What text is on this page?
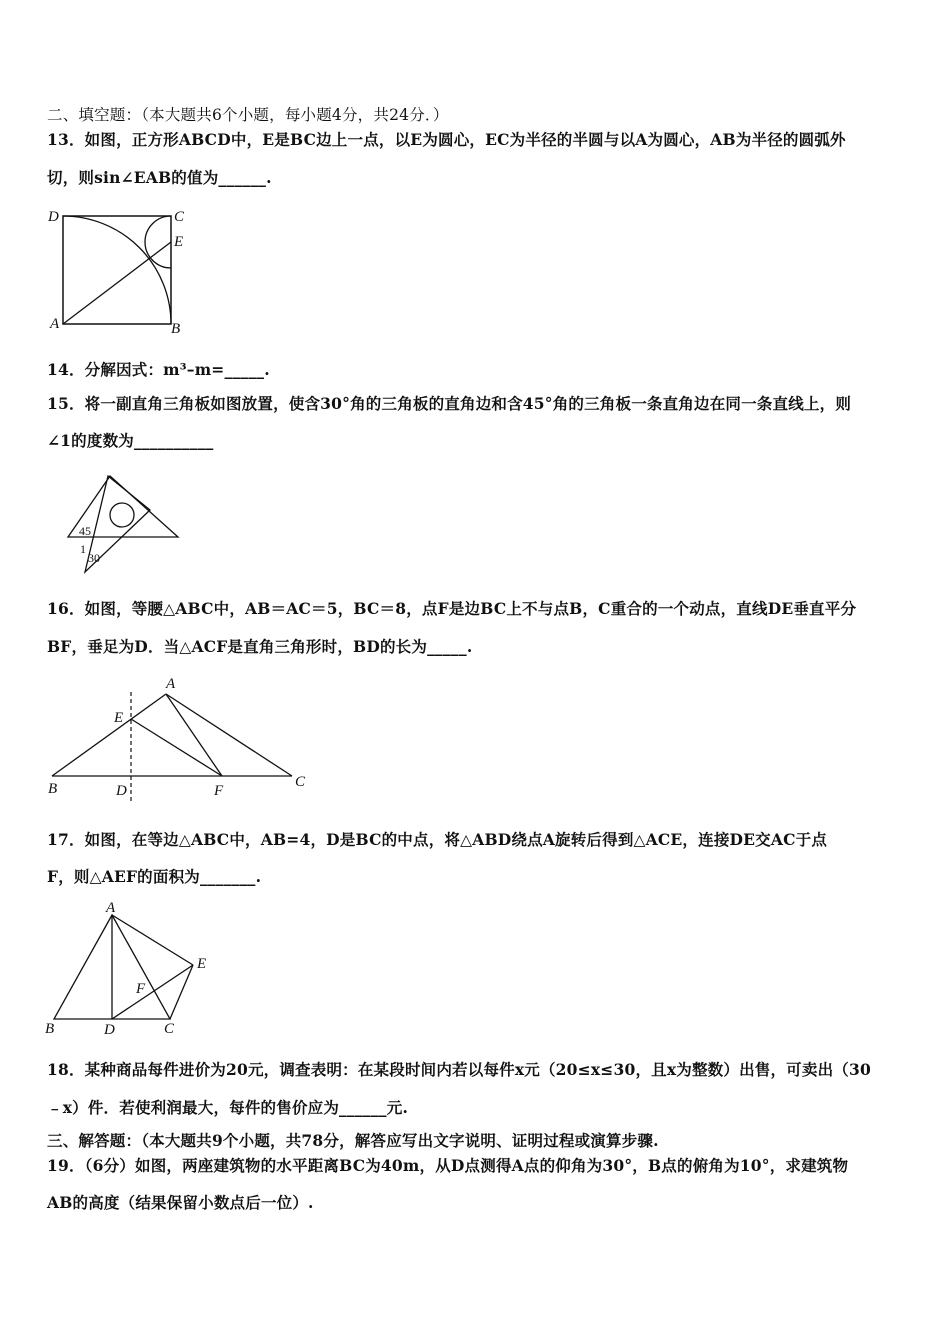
二、填空题：（本大题共6个小题，每小题4分，共24分．）
13．如图，正方形ABCD中，E是BC边上一点，以E为圆心，EC为半径的半圆与以A为圆心，AB为半径的圆弧外
切，则sin∠EAB的值为______.
D	C
E
A	B
14．分解因式：m³–m=_____.
15．将一副直角三角板如图放置，使含30°角的三角板的直角边和含45°角的三角板一条直角边在同一条直线上，则
∠1的度数为__________
45
1
30
16．如图，等腰△ABC中，AB＝AC＝5，BC＝8，点F是边BC上不与点B，C重合的一个动点，直线DE垂直平分
BF，垂足为D．当△ACF是直角三角形时，BD的长为_____.
A
E
B	D	F
C
17．如图，在等边△ABC中，AB=4，D是BC的中点，将△ABD绕点A旋转后得到△ACE，连接DE交AC于点
F，则△AEF的面积为_______.
A
E
F
B	D	C
18．某种商品每件进价为20元，调查表明：在某段时间内若以每件x元（20≤x≤30，且x为整数）出售，可卖出（30
﹣x）件．若使利润最大，每件的售价应为______元.
三、解答题：（本大题共9个小题，共78分，解答应写出文字说明、证明过程或演算步骤.
19．（6分）如图，两座建筑物的水平距离BC为40m，从D点测得A点的仰角为30°，B点的俯角为10°，求建筑物
AB的高度（结果保留小数点后一位）.
